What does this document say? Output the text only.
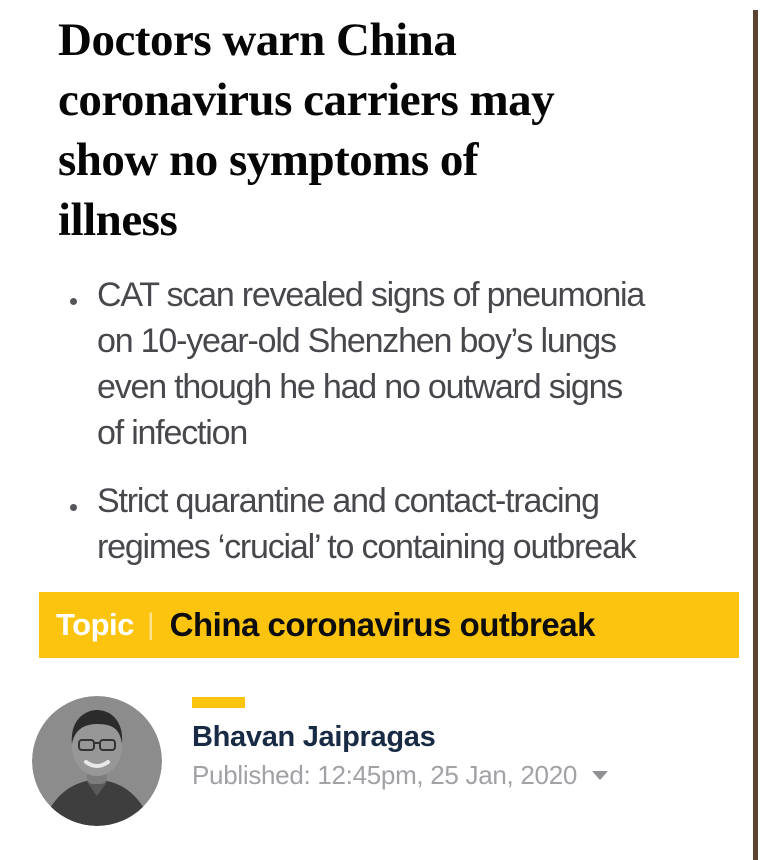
Doctors warn China
coronavirus carriers may
show no symptoms of
illness
CAT scan revealed signs of pneumonia
on 10-year-old Shenzhen boy’s lungs
even though he had no outward signs
of infection
Strict quarantine and contact-tracing
regimes ‘crucial’ to containing outbreak
Topic | China coronavirus outbreak
Bhavan Jaipragas
Published: 12:45pm, 25 Jan, 2020
